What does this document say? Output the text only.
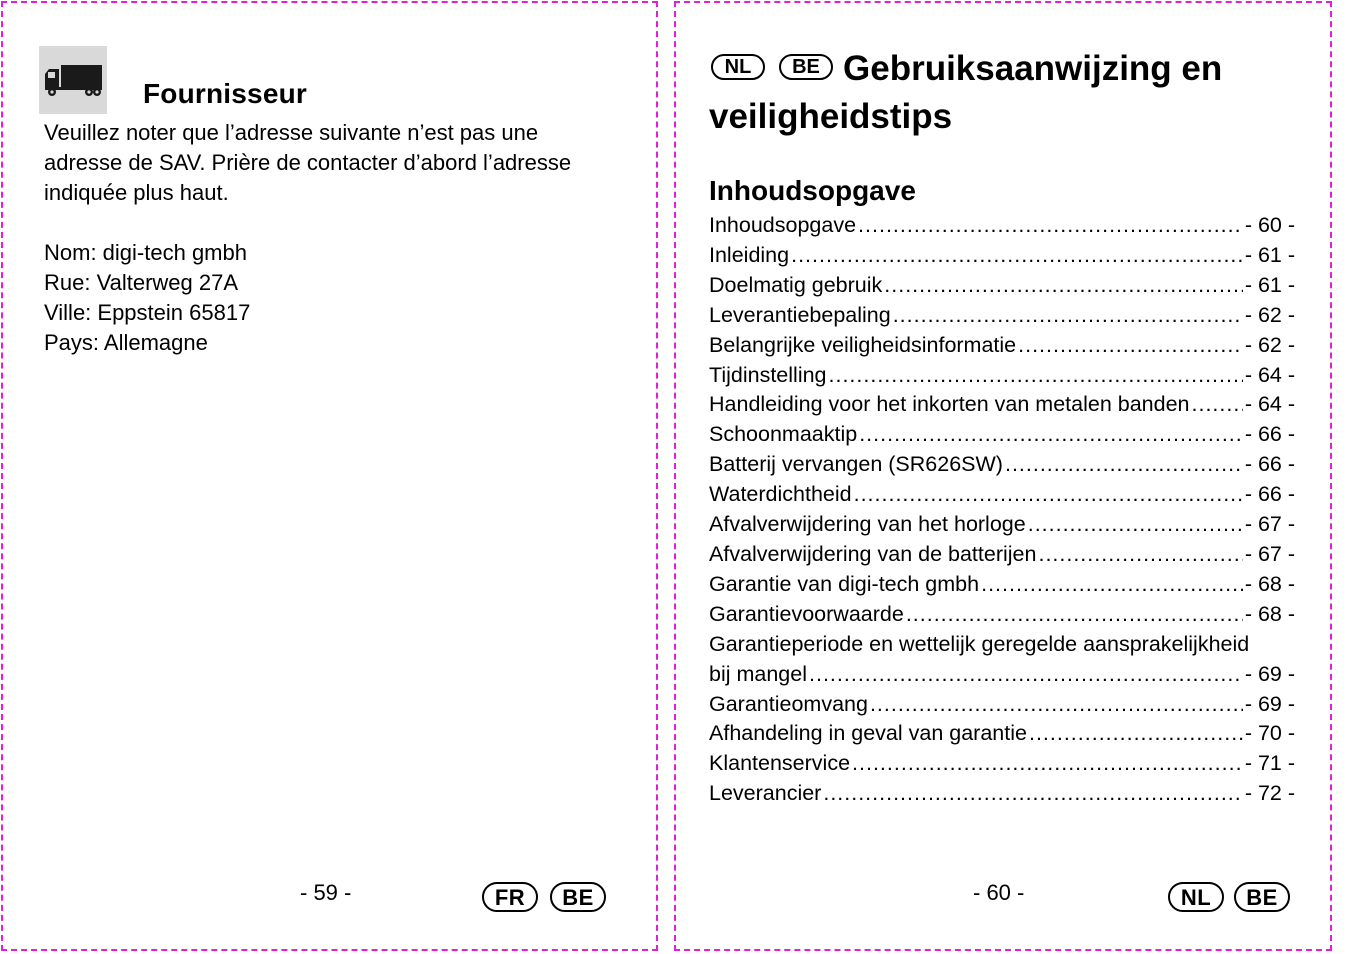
Fournisseur

Veuillez noter que l’adresse suivante n’est pas une

adresse de SAV. Prière de contacter d’abord l’adresse

indiquée plus haut.

Nom: digi-tech gmbh

Rue: Valterweg 27A

Ville: Eppstein 65817

Pays: Allemagne

- 59 -	FR	BE
NL	BE Gebruiksaanwijzing en
veiligheidstips
Inhoudsopgave
Inhoudsopgave .....	- 60 -
Inleiding .....	- 61 -
Doelmatig gebruik .....	- 61 -
Leverantiebepaling .....	- 62 -
Belangrijke veiligheidsinformatie .....	- 62 -
Tijdinstelling .....	- 64 -
Handleiding voor het inkorten van metalen banden .....	- 64 -
Schoonmaaktip .....	- 66 -
Batterij vervangen (SR626SW) .....	- 66 -
Waterdichtheid .....	- 66 -
Afvalverwijdering van het horloge .....	- 67 -
Afvalverwijdering van de batterijen .....	- 67 -
Garantie van digi-tech gmbh .....	- 68 -
Garantievoorwaarde .....	- 68 -
Garantieperiode en wettelijk geregelde aansprakelijkheid
bij mangel .....	- 69 -
Garantieomvang .....	- 69 -
Afhandeling in geval van garantie .....	- 70 -
Klantenservice .....	- 71 -
Leverancier .....	- 72 -
- 60 -	NL	BE
